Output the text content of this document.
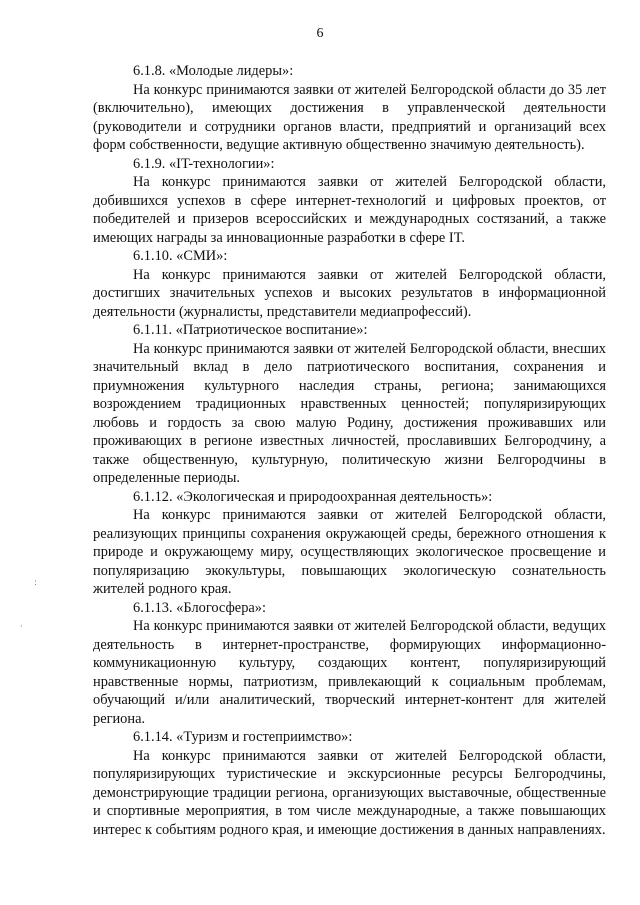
6

6.1.8. «Молодые лидеры»:

На конкурс принимаются заявки от жителей Белгородской области до 35 лет (включительно), имеющих достижения в управленческой деятельности (руководители и сотрудники органов власти, предприятий и организаций всех форм собственности, ведущие активную общественно значимую деятельность).

6.1.9. «IT-технологии»:

На конкурс принимаются заявки от жителей Белгородской области, добившихся успехов в сфере интернет-технологий и цифровых проектов, от победителей и призеров всероссийских и международных состязаний, а также имеющих награды за инновационные разработки в сфере IT.

6.1.10. «СМИ»:

На конкурс принимаются заявки от жителей Белгородской области, достигших значительных успехов и высоких результатов в информационной деятельности (журналисты, представители медиапрофессий).

6.1.11. «Патриотическое воспитание»:

На конкурс принимаются заявки от жителей Белгородской области, внесших значительный вклад в дело патриотического воспитания, сохранения и приумножения культурного наследия страны, региона; занимающихся возрождением традиционных нравственных ценностей; популяризирующих любовь и гордость за свою малую Родину, достижения проживавших или проживающих в регионе известных личностей, прославивших Белгородчину, а также общественную, культурную, политическую жизни Белгородчины в определенные периоды.

6.1.12. «Экологическая и природоохранная деятельность»:

На конкурс принимаются заявки от жителей Белгородской области, реализующих принципы сохранения окружающей среды, бережного отношения к природе и окружающему миру, осуществляющих экологическое просвещение и популяризацию экокультуры, повышающих экологическую сознательность жителей родного края.

6.1.13. «Блогосфера»:

На конкурс принимаются заявки от жителей Белгородской области, ведущих деятельность в интернет-пространстве, формирующих информационно-коммуникационную культуру, создающих контент, популяризирующий нравственные нормы, патриотизм, привлекающий к социальным проблемам, обучающий и/или аналитический, творческий интернет-контент для жителей региона.

6.1.14. «Туризм и гостеприимство»:

На конкурс принимаются заявки от жителей Белгородской области, популяризирующих туристические и экскурсионные ресурсы Белгородчины, демонстрирующие традиции региона, организующих выставочные, общественные и спортивные мероприятия, в том числе международные, а также повышающих интерес к событиям родного края, и имеющие достижения в данных направлениях.

:
·
